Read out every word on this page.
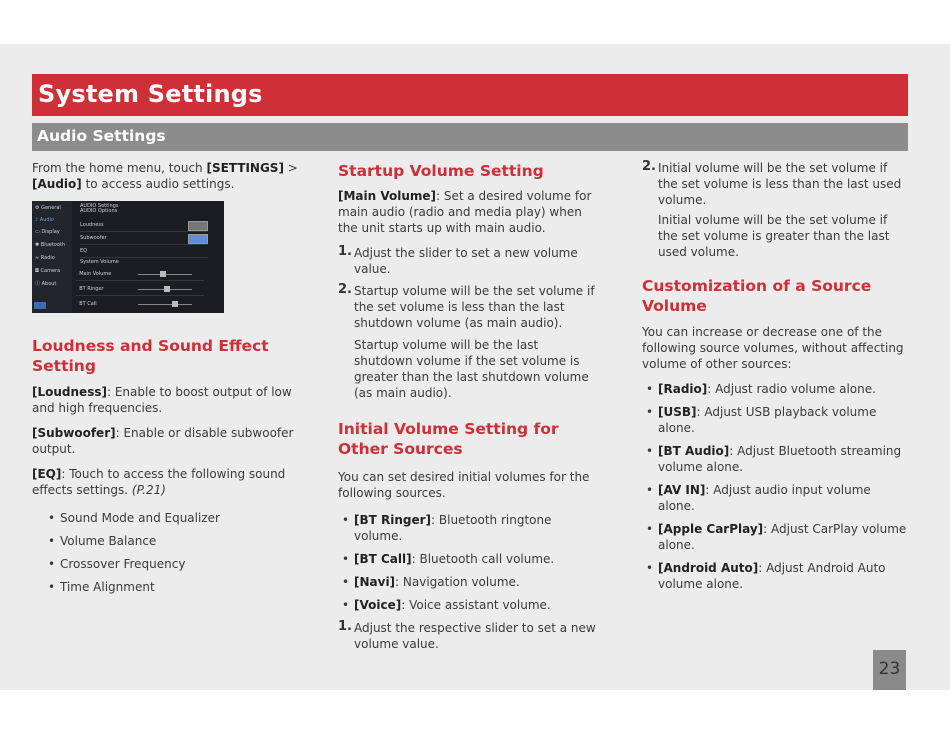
System Settings
Audio Settings

From the home menu, touch [SETTINGS] > [Audio] to access audio settings.

⚙ General
♪ Audio
▭ Display
✱ Bluetooth
≈ Radio
◘ Camera
ⓘ About
AUDIO Settings
AUDIO Options
Loudness
Subwoofer
EQ
System Volume
Main Volume
BT Ringer
BT Call
Loudness and Sound Effect Setting

[Loudness]: Enable to boost output of low and high frequencies.

[Subwoofer]: Enable or disable subwoofer output.

[EQ]: Touch to access the following sound effects settings. (P.21)

• Sound Mode and Equalizer
• Volume Balance
• Crossover Frequency
• Time Alignment
Startup Volume Setting

[Main Volume]: Set a desired volume for main audio (radio and media play) when the unit starts up with main audio.

1. Adjust the slider to set a new volume value.
2. Startup volume will be the set volume if the set volume is less than the last shutdown volume (as main audio).
Startup volume will be the last shutdown volume if the set volume is greater than the last shutdown volume (as main audio).
Initial Volume Setting for Other Sources

You can set desired initial volumes for the following sources.

• [BT Ringer]: Bluetooth ringtone volume.
• [BT Call]: Bluetooth call volume.
• [Navi]: Navigation volume.
• [Voice]: Voice assistant volume.
1. Adjust the respective slider to set a new volume value.
2. Initial volume will be the set volume if the set volume is less than the last used volume.
Initial volume will be the set volume if the set volume is greater than the last used volume.
Customization of a Source Volume

You can increase or decrease one of the following source volumes, without affecting volume of other sources:

• [Radio]: Adjust radio volume alone.
• [USB]: Adjust USB playback volume alone.
• [BT Audio]: Adjust Bluetooth streaming volume alone.
• [AV IN]: Adjust audio input volume alone.
• [Apple CarPlay]: Adjust CarPlay volume alone.
• [Android Auto]: Adjust Android Auto volume alone.
23
